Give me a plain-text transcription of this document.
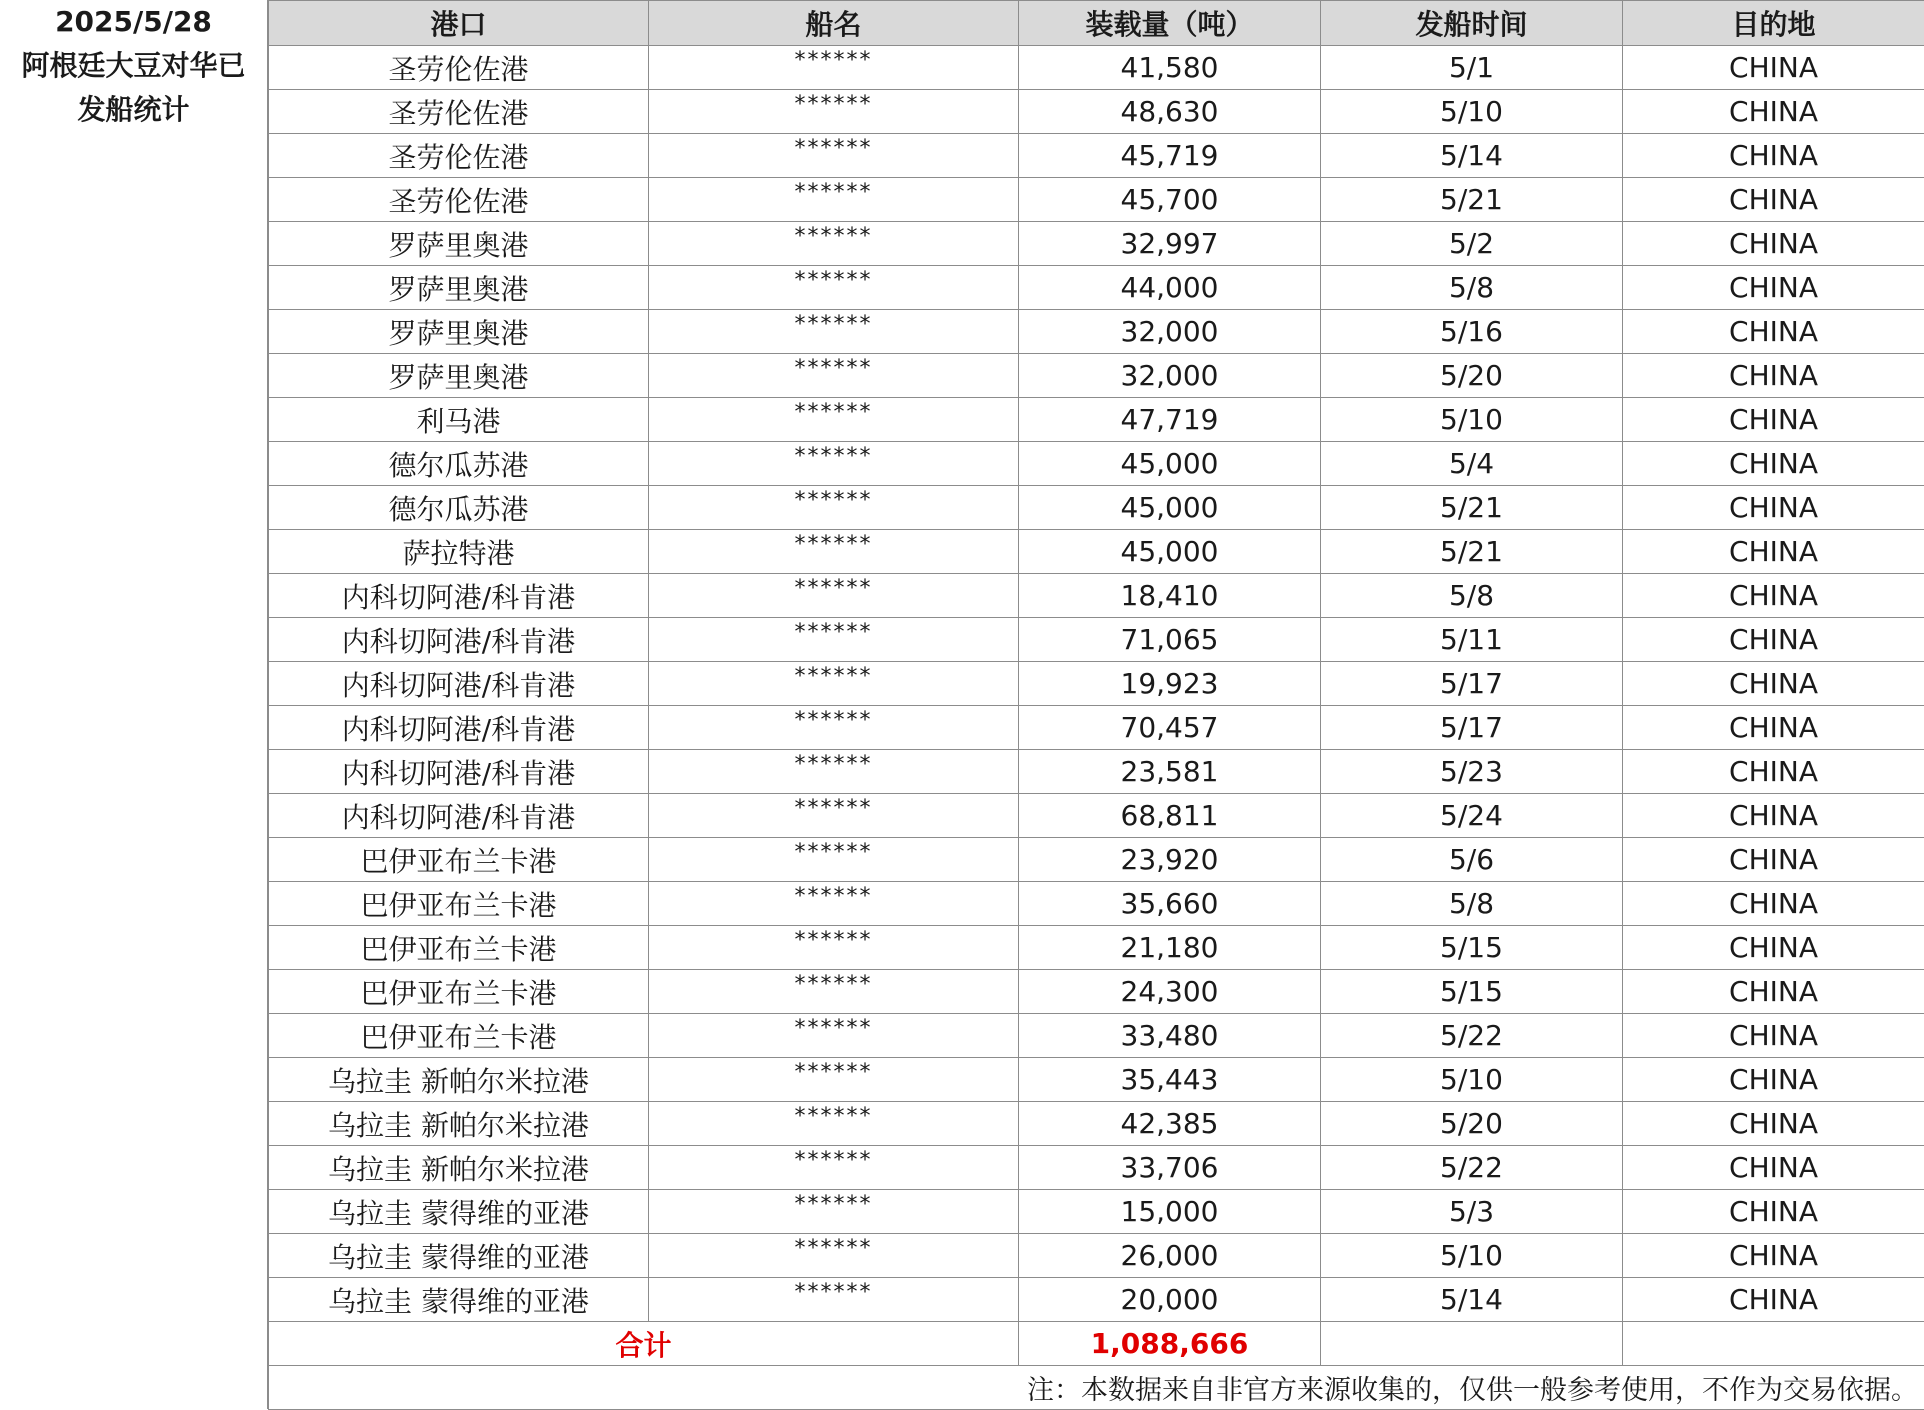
2025/5/28
阿根廷大豆对华已
发船统计
港口	船名	装载量（吨）	发船时间	目的地
圣劳伦佐港	******	41,580	5/1	CHINA
圣劳伦佐港	******	48,630	5/10	CHINA
圣劳伦佐港	******	45,719	5/14	CHINA
圣劳伦佐港	******	45,700	5/21	CHINA
罗萨里奥港	******	32,997	5/2	CHINA
罗萨里奥港	******	44,000	5/8	CHINA
罗萨里奥港	******	32,000	5/16	CHINA
罗萨里奥港	******	32,000	5/20	CHINA
利马港	******	47,719	5/10	CHINA
德尔瓜苏港	******	45,000	5/4	CHINA
德尔瓜苏港	******	45,000	5/21	CHINA
萨拉特港	******	45,000	5/21	CHINA
内科切阿港/科肯港	******	18,410	5/8	CHINA
内科切阿港/科肯港	******	71,065	5/11	CHINA
内科切阿港/科肯港	******	19,923	5/17	CHINA
内科切阿港/科肯港	******	70,457	5/17	CHINA
内科切阿港/科肯港	******	23,581	5/23	CHINA
内科切阿港/科肯港	******	68,811	5/24	CHINA
巴伊亚布兰卡港	******	23,920	5/6	CHINA
巴伊亚布兰卡港	******	35,660	5/8	CHINA
巴伊亚布兰卡港	******	21,180	5/15	CHINA
巴伊亚布兰卡港	******	24,300	5/15	CHINA
巴伊亚布兰卡港	******	33,480	5/22	CHINA
乌拉圭 新帕尔米拉港	******	35,443	5/10	CHINA
乌拉圭 新帕尔米拉港	******	42,385	5/20	CHINA
乌拉圭 新帕尔米拉港	******	33,706	5/22	CHINA
乌拉圭 蒙得维的亚港	******	15,000	5/3	CHINA
乌拉圭 蒙得维的亚港	******	26,000	5/10	CHINA
乌拉圭 蒙得维的亚港	******	20,000	5/14	CHINA
合计		1,088,666		
注：本数据来自非官方来源收集的，仅供一般参考使用，不作为交易依据。				
